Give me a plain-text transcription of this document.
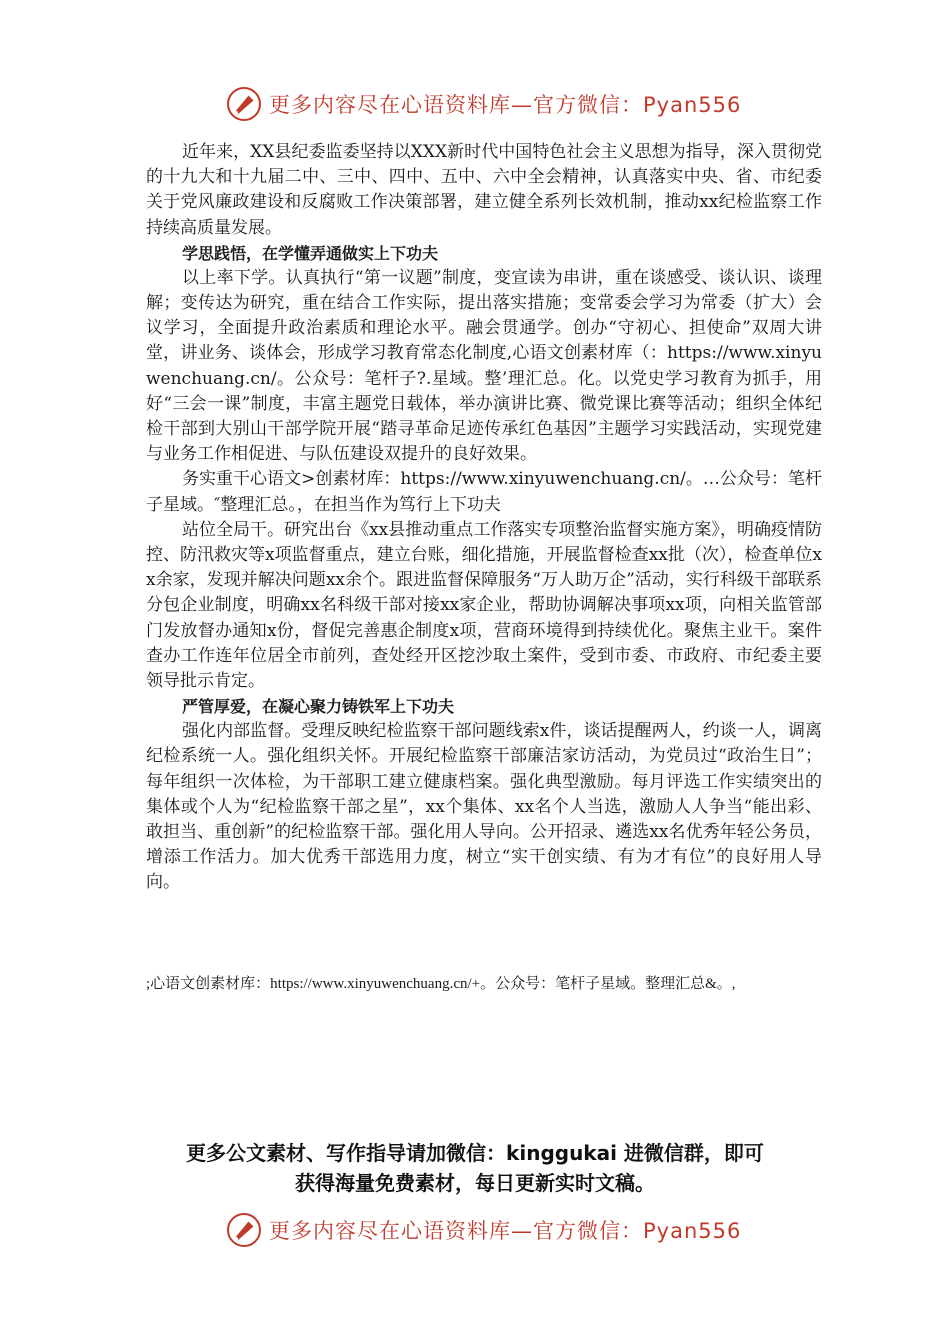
更多内容尽在心语资料库—官方微信：Pyan556

近年来，XX县纪委监委坚持以XXX新时代中国特色社会主义思想为指导，深入贯彻党的十九大和十九届二中、三中、四中、五中、六中全会精神，认真落实中央、省、市纪委关于党风廉政建设和反腐败工作决策部署，建立健全系列长效机制，推动xx纪检监察工作持续高质量发展。

学思践悟，在学懂弄通做实上下功夫

以上率下学。认真执行“第一议题”制度，变宣读为串讲，重在谈感受、谈认识、谈理解；变传达为研究，重在结合工作实际，提出落实措施；变常委会学习为常委（扩大）会议学习，全面提升政治素质和理论水平。融会贯通学。创办“守初心、担使命”双周大讲堂，讲业务、谈体会，形成学习教育常态化制度,心语文创素材库（：https://www.xinyuwenchuang.cn/。公众号：笔杆子?.星域。整’理汇总。化。以党史学习教育为抓手，用好“三会一课”制度，丰富主题党日载体，举办演讲比赛、微党课比赛等活动；组织全体纪检干部到大别山干部学院开展“踏寻革命足迹传承红色基因”主题学习实践活动，实现党建与业务工作相促进、与队伍建设双提升的良好效果。

务实重干心语文>创素材库：https://www.xinyuwenchuang.cn/。…公众号：笔杆子星域。″整理汇总。，在担当作为笃行上下功夫

站位全局干。研究出台《xx县推动重点工作落实专项整治监督实施方案》，明确疫情防控、防汛救灾等x项监督重点，建立台账，细化措施，开展监督检查xx批（次），检查单位xx余家，发现并解决问题xx余个。跟进监督保障服务“万人助万企”活动，实行科级干部联系分包企业制度，明确xx名科级干部对接xx家企业，帮助协调解决事项xx项，向相关监管部门发放督办通知x份，督促完善惠企制度x项，营商环境得到持续优化。聚焦主业干。案件查办工作连年位居全市前列，查处经开区挖沙取土案件，受到市委、市政府、市纪委主要领导批示肯定。

严管厚爱，在凝心聚力铸铁军上下功夫

强化内部监督。受理反映纪检监察干部问题线索x件，谈话提醒两人，约谈一人，调离纪检系统一人。强化组织关怀。开展纪检监察干部廉洁家访活动，为党员过“政治生日”；每年组织一次体检，为干部职工建立健康档案。强化典型激励。每月评选工作实绩突出的集体或个人为“纪检监察干部之星”，xx个集体、xx名个人当选，激励人人争当“能出彩、敢担当、重创新”的纪检监察干部。强化用人导向。公开招录、遴选xx名优秀年轻公务员，增添工作活力。加大优秀干部选用力度，树立“实干创实绩、有为才有位”的良好用人导向。

;心语文创素材库：https://www.xinyuwenchuang.cn/+。公众号：笔杆子星域。整理汇总&。,
更多公文素材、写作指导请加微信：kinggukai 进微信群，即可
获得海量免费素材，每日更新实时文稿。
更多内容尽在心语资料库—官方微信：Pyan556
